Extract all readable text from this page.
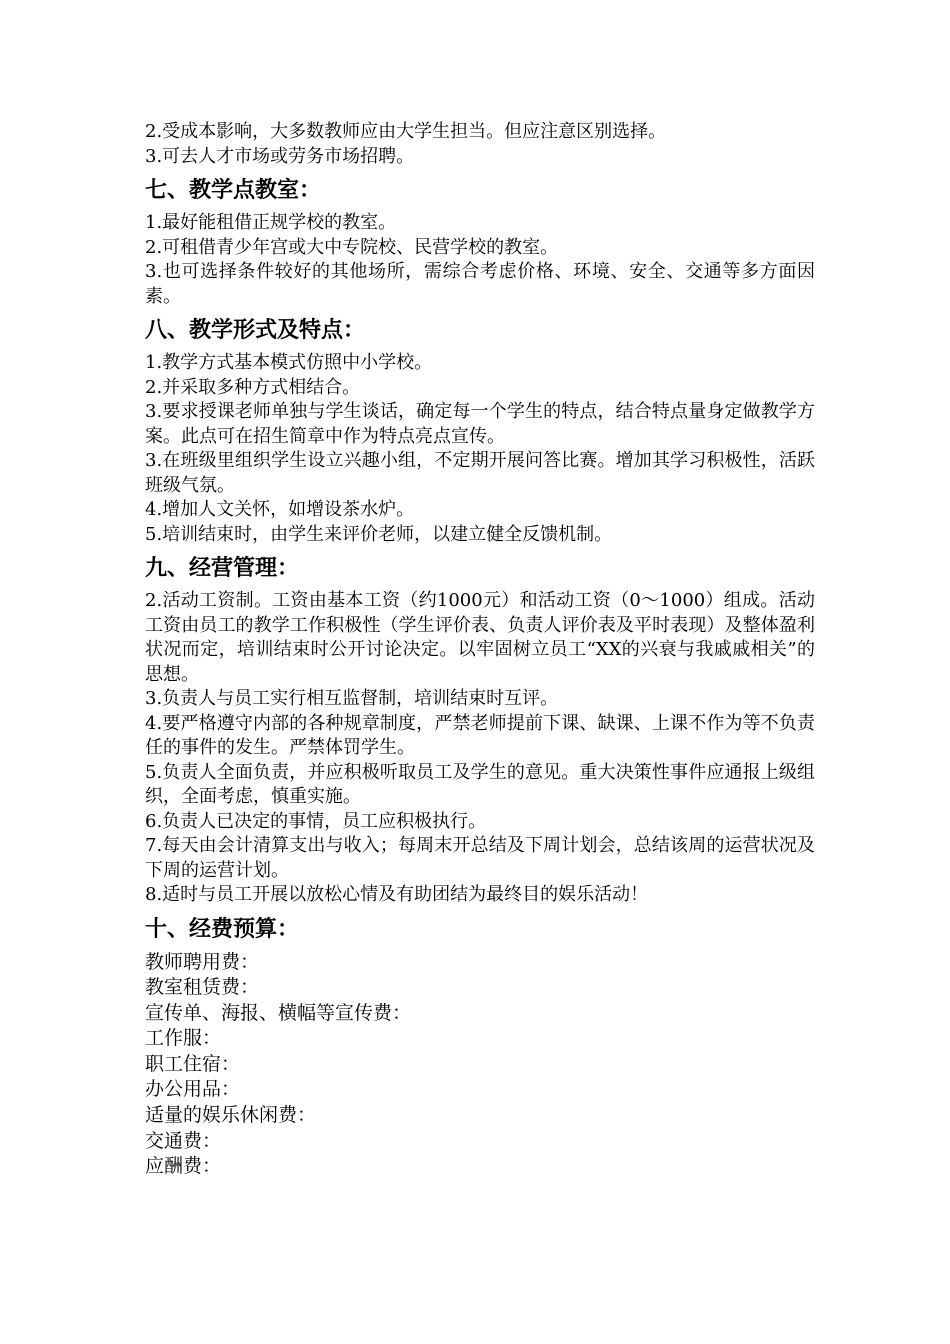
2.受成本影响，大多数教师应由大学生担当。但应注意区别选择。

3.可去人才市场或劳务市场招聘。

七、教学点教室：

1.最好能租借正规学校的教室。

2.可租借青少年宫或大中专院校、民营学校的教室。

3.也可选择条件较好的其他场所，需综合考虑价格、环境、安全、交通等多方面因素。

八、教学形式及特点：

1.教学方式基本模式仿照中小学校。

2.并采取多种方式相结合。

3.要求授课老师单独与学生谈话，确定每一个学生的特点，结合特点量身定做教学方案。此点可在招生简章中作为特点亮点宣传。

3.在班级里组织学生设立兴趣小组，不定期开展问答比赛。增加其学习积极性，活跃班级气氛。

4.增加人文关怀，如增设茶水炉。

5.培训结束时，由学生来评价老师，以建立健全反馈机制。

九、经营管理：

2.活动工资制。工资由基本工资（约1000元）和活动工资（0～1000）组成。活动工资由员工的教学工作积极性（学生评价表、负责人评价表及平时表现）及整体盈利状况而定，培训结束时公开讨论决定。以牢固树立员工“XX的兴衰与我戚戚相关”的思想。

3.负责人与员工实行相互监督制，培训结束时互评。

4.要严格遵守内部的各种规章制度，严禁老师提前下课、缺课、上课不作为等不负责任的事件的发生。严禁体罚学生。

5.负责人全面负责，并应积极听取员工及学生的意见。重大决策性事件应通报上级组织，全面考虑，慎重实施。

6.负责人已决定的事情，员工应积极执行。

7.每天由会计清算支出与收入；每周末开总结及下周计划会，总结该周的运营状况及下周的运营计划。

8.适时与员工开展以放松心情及有助团结为最终目的娱乐活动！

十、经费预算：

教师聘用费：

教室租赁费：

宣传单、海报、横幅等宣传费：

工作服：

职工住宿：

办公用品：

适量的娱乐休闲费：

交通费：

应酬费：
